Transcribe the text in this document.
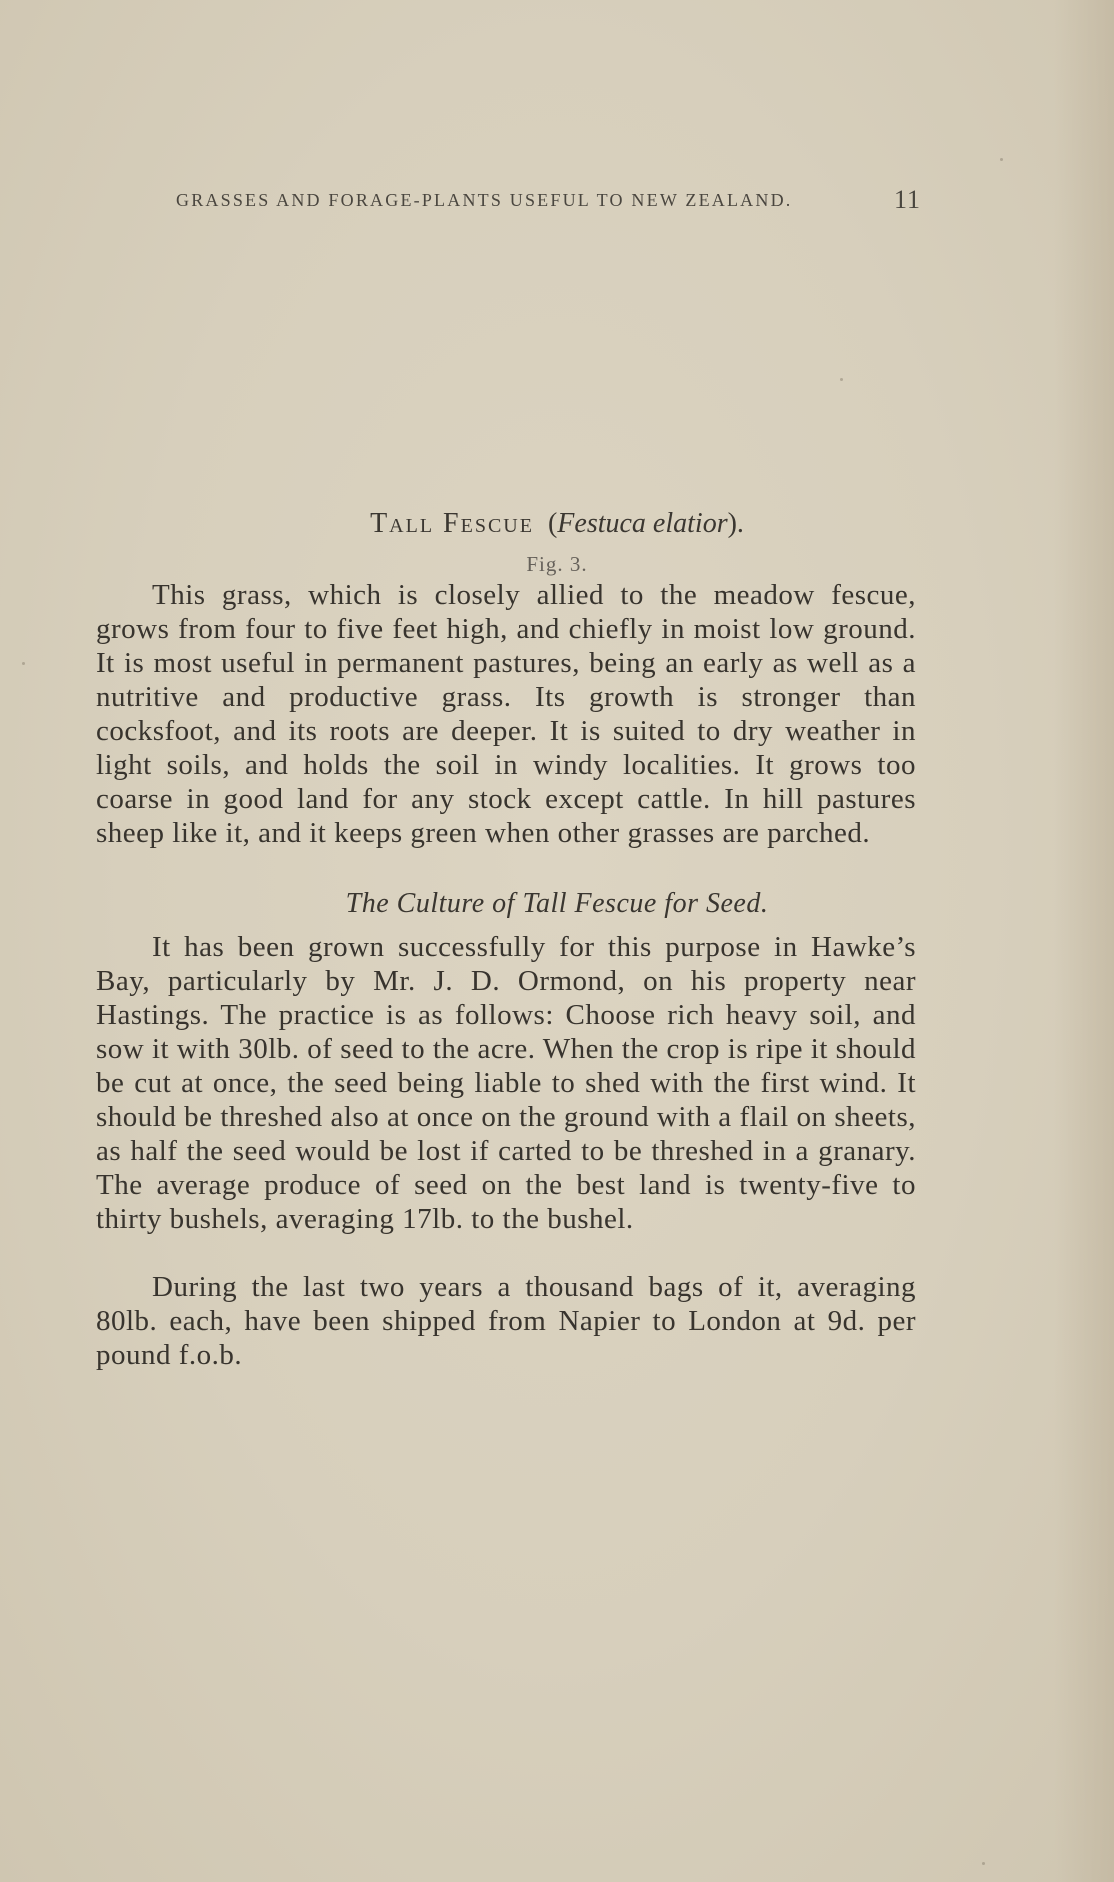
GRASSES AND FORAGE-PLANTS USEFUL TO NEW ZEALAND.	11
Tall Fescue  (Festuca elatior).
Fig. 3.

This grass, which is closely allied to the meadow fescue, grows from four to five feet high, and chiefly in moist low ground. It is most useful in permanent pastures, being an early as well as a nutritive and productive grass. Its growth is stronger than cocksfoot, and its roots are deeper. It is suited to dry weather in light soils, and holds the soil in windy localities. It grows too coarse in good land for any stock except cattle. In hill pastures sheep like it, and it keeps green when other grasses are parched.

The Culture of Tall Fescue for Seed.

It has been grown successfully for this purpose in Hawke’s Bay, particularly by Mr. J. D. Ormond, on his property near Hastings. The practice is as follows: Choose rich heavy soil, and sow it with 30lb. of seed to the acre. When the crop is ripe it should be cut at once, the seed being liable to shed with the first wind. It should be threshed also at once on the ground with a flail on sheets, as half the seed would be lost if carted to be threshed in a granary. The average produce of seed on the best land is twenty-five to thirty bushels, averaging 17lb. to the bushel.

During the last two years a thousand bags of it, averaging 80lb. each, have been shipped from Napier to London at 9d. per pound f.o.b.
